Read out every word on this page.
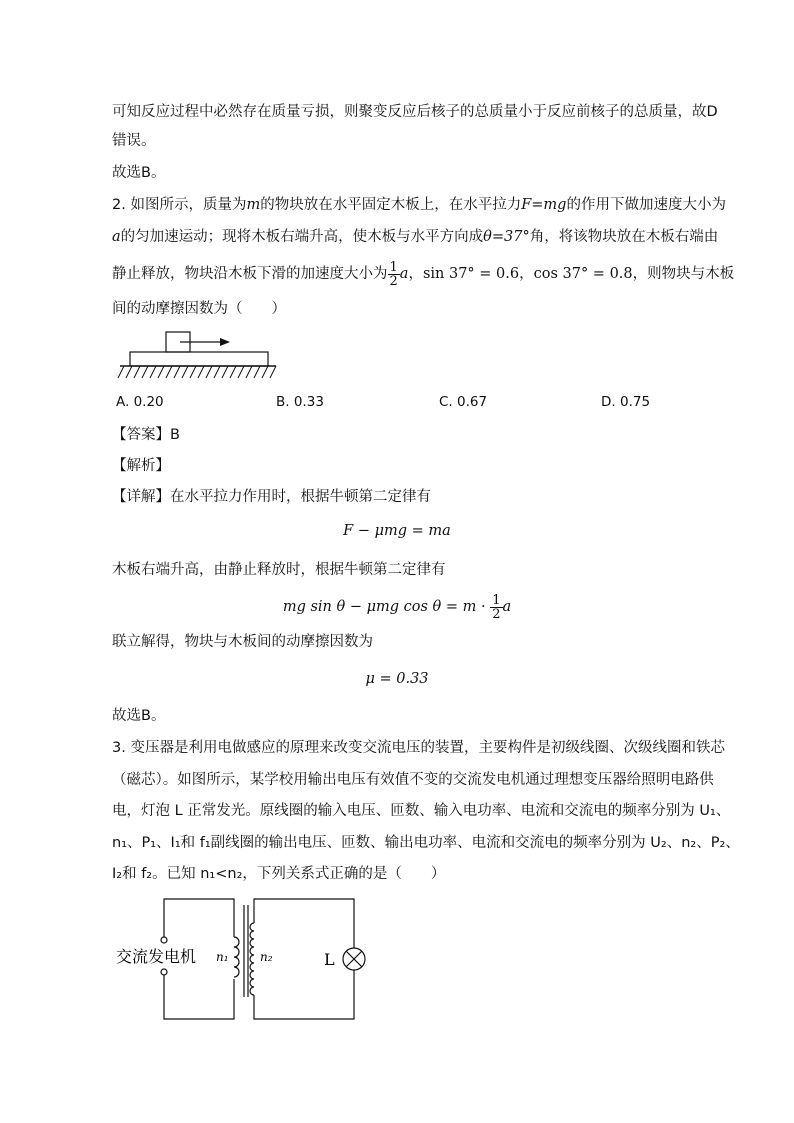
可知反应过程中必然存在质量亏损，则聚变反应后核子的总质量小于反应前核子的总质量，故D
错误。
故选B。
2. 如图所示，质量为m的物块放在水平固定木板上，在水平拉力F=mg的作用下做加速度大小为
a的匀加速运动；现将木板右端升高，使木板与水平方向成θ=37°角，将该物块放在木板右端由
静止释放，物块沿木板下滑的加速度大小为 $\frac{1}{2}$ a，sin 37° = 0.6，cos 37° = 0.8，则物块与木板
间的动摩擦因数为（　　）
A. 0.20	B. 0.33	C. 0.67	D. 0.75
【答案】B
【解析】
【详解】在水平拉力作用时，根据牛顿第二定律有
F − μmg = ma
木板右端升高，由静止释放时，根据牛顿第二定律有
mg sin θ − μmg $\cos \theta = m \cdot \frac{1}{2}$ a
联立解得，物块与木板间的动摩擦因数为
μ = 0.33
故选B。
3. 变压器是利用电做感应的原理来改变交流电压的装置，主要构件是初级线圈、次级线圈和铁芯
（磁芯）。如图所示，某学校用输出电压有效值不变的交流发电机通过理想变压器给照明电路供
电，灯泡 L 正常发光。原线圈的输入电压、匝数、输入电功率、电流和交流电的频率分别为 U₁、
n₁、P₁、I₁和 f₁副线圈的输出电压、匝数、输出电功率、电流和交流电的频率分别为 U₂、n₂、P₂、
I₂和 f₂。已知 n₁<n₂，下列关系式正确的是（　　）
交流发电机 n₁	n₂	L
